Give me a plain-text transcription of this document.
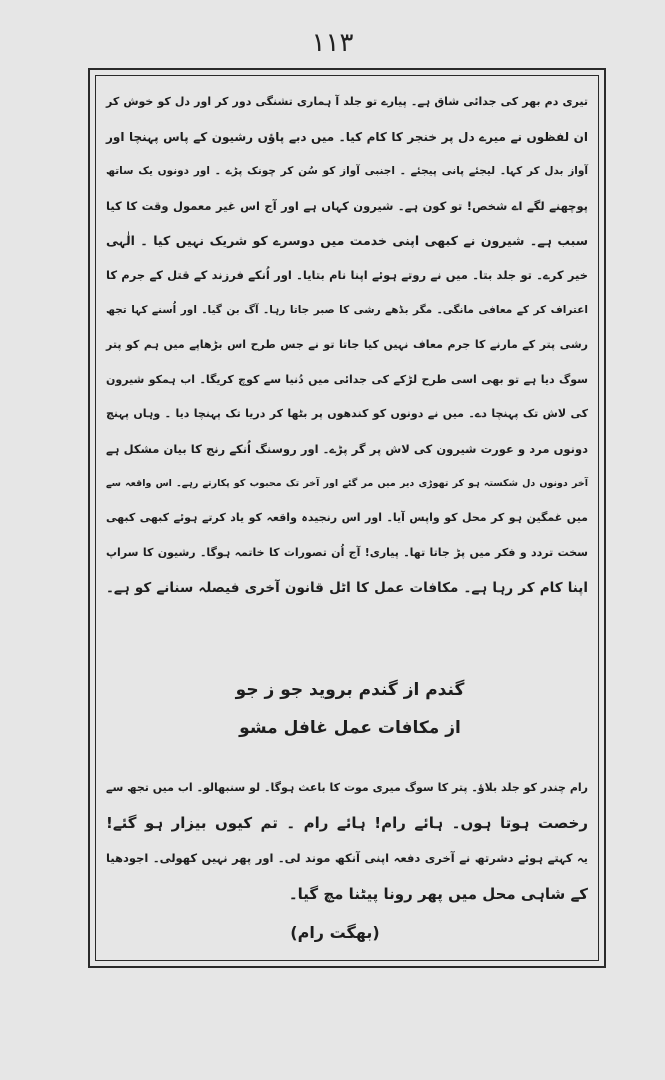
۱۱۳
تیری دم بھر کی جدائی شاق ہے۔ پیارے تو جلد آ ہماری تشنگی دور کر اور دل کو خوش کر
ان لفظوں نے میرے دل پر خنجر کا کام کیا۔ میں دبے پاؤں رشیون کے پاس پہنچا اور
آواز بدل کر کہا۔ لیجئے پانی پیجئے ۔ اجنبی آواز کو سُن کر چونک پڑے ۔ اور دونوں یک ساتھ
پوچھنے لگے اے شخص! تو کون ہے۔ شیرون کہاں ہے اور آج اس غیر معمول وقت کا کیا
سبب ہے۔ شیرون نے کبھی اپنی خدمت میں دوسرے کو شریک نہیں کیا ۔ الٰہی
خیر کرے۔ تو جلد بتا۔ میں نے روتے ہوئے اپنا نام بتایا۔ اور اُنکے فرزند کے قتل کے جرم کا
اعتراف کر کے معافی مانگی۔ مگر بڈھے رشی کا صبر جاتا رہا۔ آگ بن گیا۔ اور اُسنے کہا تجھ
رشی پتر کے مارنے کا جرم معاف نہیں کیا جاتا تو نے جس طرح اس بڑھاپے میں ہم کو پتر
سوگ دیا ہے تو بھی اسی طرح لڑکے کی جدائی میں دُنیا سے کوچ کریگا۔ اب ہمکو شیرون
کی لاش تک پہنچا دے۔ میں نے دونوں کو کندھوں پر بٹھا کر دریا تک پہنچا دیا ۔ وہاں پہنچ
دونوں مرد و عورت شیرون کی لاش پر گر پڑے۔ اور روسنگ اُنکے رنج کا بیان مشکل ہے
آخر دونوں دل شکستہ ہو کر تھوڑی دیر میں مر گئے اور آخر تک محبوب کو پکارتے رہے۔ اس واقعہ سے
میں غمگین ہو کر محل کو واپس آیا۔ اور اس رنجیدہ واقعہ کو یاد کرتے ہوئے کبھی کبھی
سخت تردد و فکر میں پڑ جاتا تھا۔ پیاری! آج اُن تصورات کا خاتمہ ہوگا۔ رشیون کا سراپ
اپنا کام کر رہا ہے۔ مکافات عمل کا اٹل قانون آخری فیصلہ سنانے کو ہے۔
گندم از گندم بروید جو ز جو
از مکافات عمل غافل مشو
رام چندر کو جلد بلاؤ۔ پتر کا سوگ میری موت کا باعث ہوگا۔ لو سنبھالو۔ اب میں تجھ سے
رخصت ہوتا ہوں۔ ہائے رام! ہائے رام ۔ تم کیوں بیزار ہو گئے!
یہ کہتے ہوئے دشرتھ نے آخری دفعہ اپنی آنکھ موند لی۔ اور پھر نہیں کھولی۔ اجودھیا
کے شاہی محل میں پھر رونا پیٹنا مچ گیا۔
(بھگت رام)
